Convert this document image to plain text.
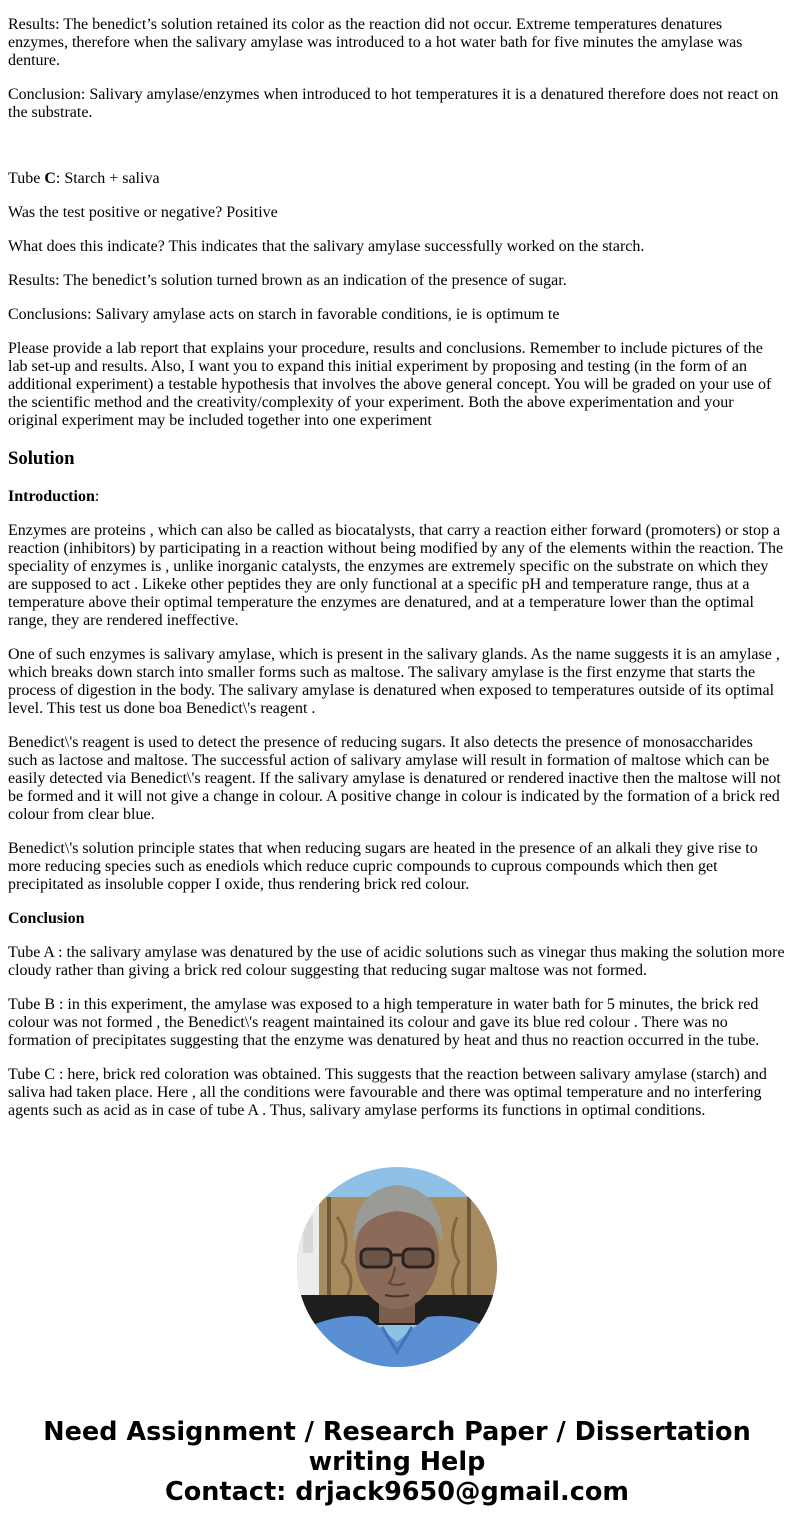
Results: The benedict’s solution retained its color as the reaction did not occur. Extreme temperatures denatures enzymes, therefore when the salivary amylase was introduced to a hot water bath for five minutes the amylase was denture.

Conclusion: Salivary amylase/enzymes when introduced to hot temperatures it is a denatured therefore does not react on the substrate.

Tube C: Starch + saliva

Was the test positive or negative? Positive

What does this indicate? This indicates that the salivary amylase successfully worked on the starch.

Results: The benedict’s solution turned brown as an indication of the presence of sugar.

Conclusions: Salivary amylase acts on starch in favorable conditions, ie is optimum te

Please provide a lab report that explains your procedure, results and conclusions. Remember to include pictures of the lab set-up and results. Also, I want you to expand this initial experiment by proposing and testing (in the form of an additional experiment) a testable hypothesis that involves the above general concept. You will be graded on your use of the scientific method and the creativity/complexity of your experiment. Both the above experimentation and your original experiment may be included together into one experiment

Solution

Introduction:

Enzymes are proteins , which can also be called as biocatalysts, that carry a reaction either forward (promoters) or stop a reaction (inhibitors) by participating in a reaction without being modified by any of the elements within the reaction. The speciality of enzymes is , unlike inorganic catalysts, the enzymes are extremely specific on the substrate on which they are supposed to act . Likeke other peptides they are only functional at a specific pH and temperature range, thus at a temperature above their optimal temperature the enzymes are denatured, and at a temperature lower than the optimal range, they are rendered ineffective.

One of such enzymes is salivary amylase, which is present in the salivary glands. As the name suggests it is an amylase , which breaks down starch into smaller forms such as maltose. The salivary amylase is the first enzyme that starts the process of digestion in the body. The salivary amylase is denatured when exposed to temperatures outside of its optimal level. This test us done boa Benedict\'s reagent .

Benedict\'s reagent is used to detect the presence of reducing sugars. It also detects the presence of monosaccharides such as lactose and maltose. The successful action of salivary amylase will result in formation of maltose which can be easily detected via Benedict\'s reagent. If the salivary amylase is denatured or rendered inactive then the maltose will not be formed and it will not give a change in colour. A positive change in colour is indicated by the formation of a brick red colour from clear blue.

Benedict\'s solution principle states that when reducing sugars are heated in the presence of an alkali they give rise to more reducing species such as enediols which reduce cupric compounds to cuprous compounds which then get precipitated as insoluble copper I oxide, thus rendering brick red colour.

Conclusion

Tube A : the salivary amylase was denatured by the use of acidic solutions such as vinegar thus making the solution more cloudy rather than giving a brick red colour suggesting that reducing sugar maltose was not formed.

Tube B : in this experiment, the amylase was exposed to a high temperature in water bath for 5 minutes, the brick red colour was not formed , the Benedict\'s reagent maintained its colour and gave its blue red colour . There was no formation of precipitates suggesting that the enzyme was denatured by heat and thus no reaction occurred in the tube.

Tube C : here, brick red coloration was obtained. This suggests that the reaction between salivary amylase (starch) and saliva had taken place. Here , all the conditions were favourable and there was optimal temperature and no interfering agents such as acid as in case of tube A . Thus, salivary amylase performs its functions in optimal conditions.

Need Assignment / Research Paper / Dissertation writing Help
Contact: drjack9650@gmail.com
